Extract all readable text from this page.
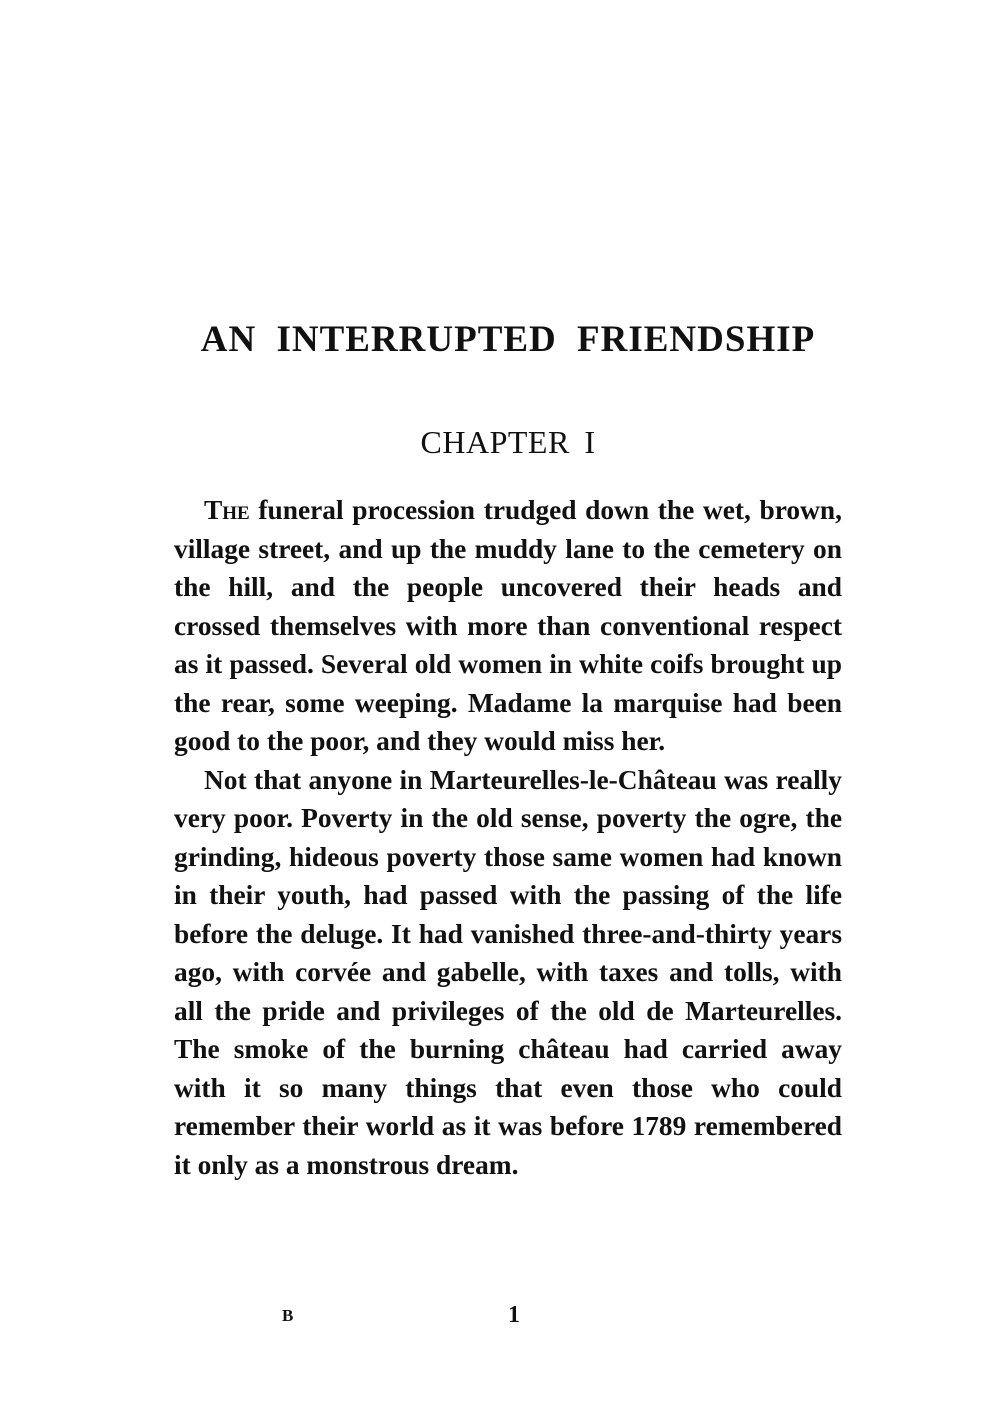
AN INTERRUPTED FRIENDSHIP
CHAPTER I

The funeral procession trudged down the wet, brown, village street, and up the muddy lane to the cemetery on the hill, and the people uncovered their heads and crossed themselves with more than conventional respect as it passed. Several old women in white coifs brought up the rear, some weeping. Madame la marquise had been good to the poor, and they would miss her.

Not that anyone in Marteurelles-le-Château was really very poor. Poverty in the old sense, poverty the ogre, the grinding, hideous poverty those same women had known in their youth, had passed with the passing of the life before the deluge. It had vanished three-and-thirty years ago, with corvée and gabelle, with taxes and tolls, with all the pride and privileges of the old de Marteurelles. The smoke of the burning château had carried away with it so many things that even those who could remember their world as it was before 1789 remembered it only as a monstrous dream.

B	1
